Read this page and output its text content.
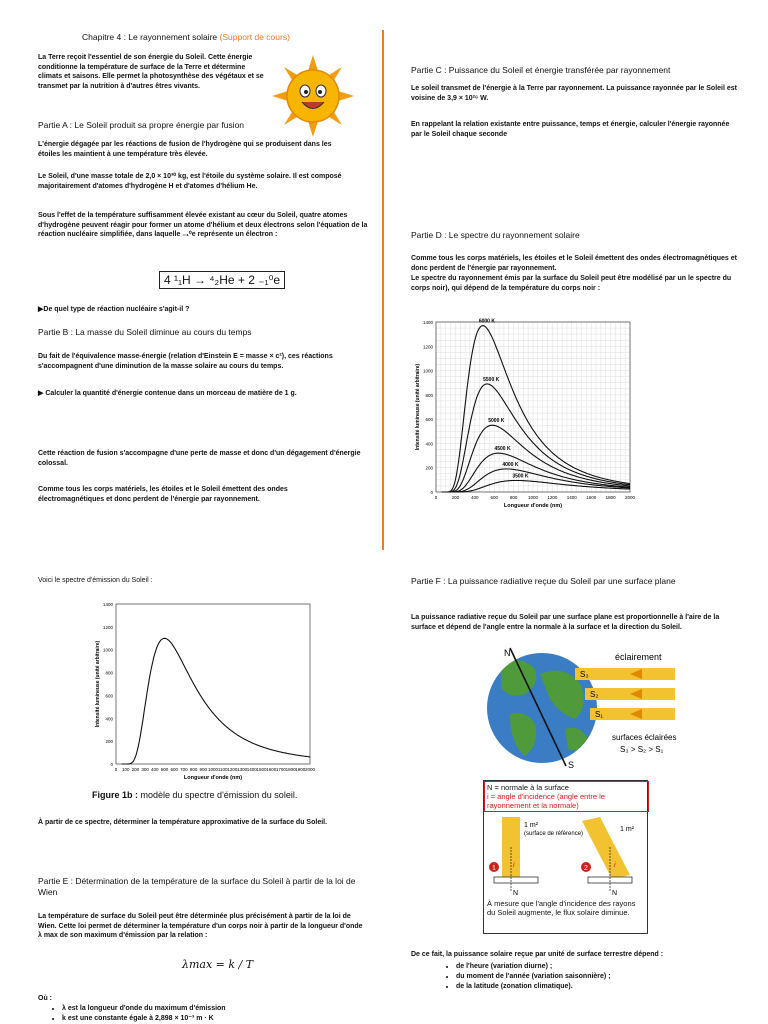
Chapitre 4 : Le rayonnement solaire (Support de cours)
La Terre reçoit l'essentiel de son énergie du Soleil. Cette énergie conditionne la température de surface de la Terre et détermine climats et saisons. Elle permet la photosynthèse des végétaux et se transmet par la nutrition à d'autres êtres vivants.
Partie A : Le Soleil produit sa propre énergie par fusion
L'énergie dégagée par les réactions de fusion de l'hydrogène qui se produisent dans les étoiles les maintient à une température très élevée.
Le Soleil, d'une masse totale de 2,0 × 10³⁰ kg, est l'étoile du système solaire. Il est composé majoritairement d'atomes d'hydrogène H et d'atomes d'hélium He.
Sous l'effet de la température suffisamment élevée existant au cœur du Soleil, quatre atomes d'hydrogène peuvent réagir pour former un atome d'hélium et deux électrons selon l'équation de la réaction nucléaire simplifiée, dans laquelle ₋₁⁰e représente un électron :
4 ¹₁H → ⁴₂He + 2 ₋₁⁰e
▶De quel type de réaction nucléaire s'agit-il ?
Partie B : La masse du Soleil diminue au cours du temps
Du fait de l'équivalence masse-énergie (relation d'Einstein E = masse × c²), ces réactions s'accompagnent d'une diminution de la masse solaire au cours du temps.
▶ Calculer la quantité d'énergie contenue dans un morceau de matière de 1 g.
Cette réaction de fusion s'accompagne d'une perte de masse et donc d'un dégagement d'énergie colossal.
Comme tous les corps matériels, les étoiles et le Soleil émettent des ondes électromagnétiques et donc perdent de l'énergie par rayonnement.
Voici le spectre d'émission du Soleil :
0
200
400
600
800
1000
1200
1400
0 100 200 300 400 500 600 700 800 900 1000 1100 1200 1300 1400 1500 1600 1700 1800 1900 2000
Longueur d'onde (nm)
Intensité lumineuse (unité arbitraire)
Figure 1b : modèle du spectre d'émission du soleil.
À partir de ce spectre, déterminer la température approximative de la surface du Soleil.
Partie E : Détermination de la température de la surface du Soleil à partir de la loi de Wien
La température de surface du Soleil peut être déterminée plus précisément à partir de la loi de Wien. Cette loi permet de déterminer la température d'un corps noir à partir de la longueur d'onde λ max de son maximum d'émission par la relation :
λmax = k / T
Où :
• λ est la longueur d'onde du maximum d'émission
• k est une constante égale à 2,898 × 10⁻³ m · K
Partie C : Puissance du Soleil et énergie transférée par rayonnement
Le soleil transmet de l'énergie à la Terre par rayonnement. La puissance rayonnée par le Soleil est voisine de 3,9 × 10²⁶ W.
En rappelant la relation existante entre puissance, temps et énergie, calculer l'énergie rayonnée par le Soleil chaque seconde
Partie D : Le spectre du rayonnement solaire
Comme tous les corps matériels, les étoiles et le Soleil émettent des ondes électromagnétiques et donc perdent de l'énergie par rayonnement.
Le spectre du rayonnement émis par la surface du Soleil peut être modélisé par un le spectre du corps noir), qui dépend de la température du corps noir :
0
200
400
600
800
1000
1200
1400
0	200	400	600	800 1000 1200 1400 1600 1800 2000
Longueur d'onde (nm)
Intensité lumineuse (unité arbitraire)
6000 K
5500 K
5000 K
4500 K
4000 K
3500 K
Partie F : La puissance radiative reçue du Soleil par une surface plane
La puissance radiative reçue du Soleil par une surface plane est proportionnelle à l'aire de la surface et dépend de l'angle entre la normale à la surface et la direction du Soleil.
N
S
éclairement
S₃
S₂
S₁
surfaces éclairées
S₃ > S₂ > S₁
N = normale à la surface
i = angle d'incidence (angle entre le rayonnement et la normale)
1	2
1 m²
(surface de référence)
1 m²
N	N
i	i
À mesure que l'angle d'incidence des rayons du Soleil augmente, le flux solaire diminue.
De ce fait, la puissance solaire reçue par unité de surface terrestre dépend :
• de l'heure (variation diurne) ;
• du moment de l'année (variation saisonnière) ;
• de la latitude (zonation climatique).
